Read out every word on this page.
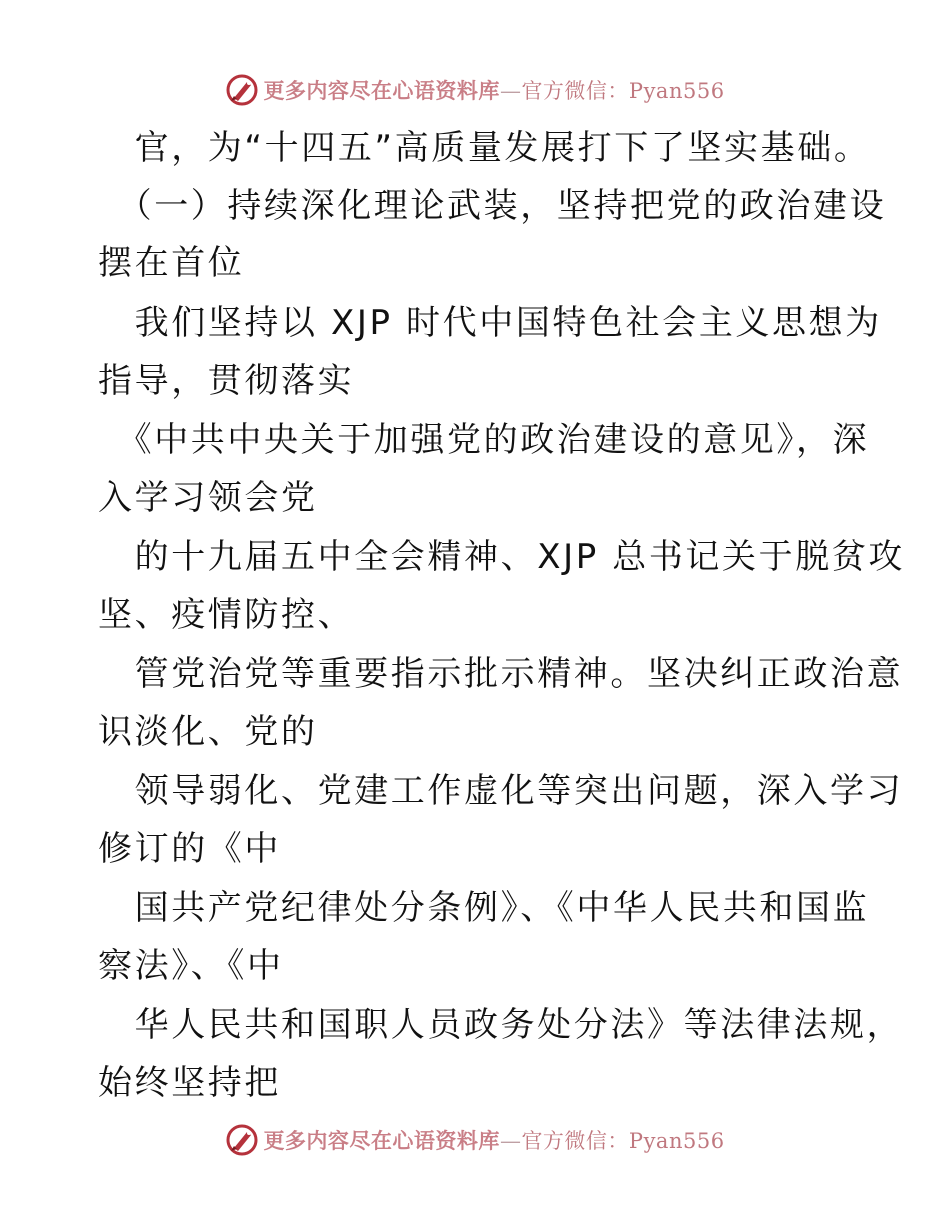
更多内容尽在心语资料库—官方微信：Pyan556
　官，为“十四五”高质量发展打下了坚实基础。
　（一）持续深化理论武装，坚持把党的政治建设
摆在首位
　我们坚持以 XJP 时代中国特色社会主义思想为
指导，贯彻落实
　《中共中央关于加强党的政治建设的意见》，深
入学习领会党
　的十九届五中全会精神、XJP 总书记关于脱贫攻
坚、疫情防控、
　管党治党等重要指示批示精神。坚决纠正政治意
识淡化、党的
　领导弱化、党建工作虚化等突出问题，深入学习
修订的《中
　国共产党纪律处分条例》、《中华人民共和国监
察法》、《中
　华人民共和国职人员政务处分法》等法律法规，
始终坚持把
更多内容尽在心语资料库—官方微信：Pyan556
